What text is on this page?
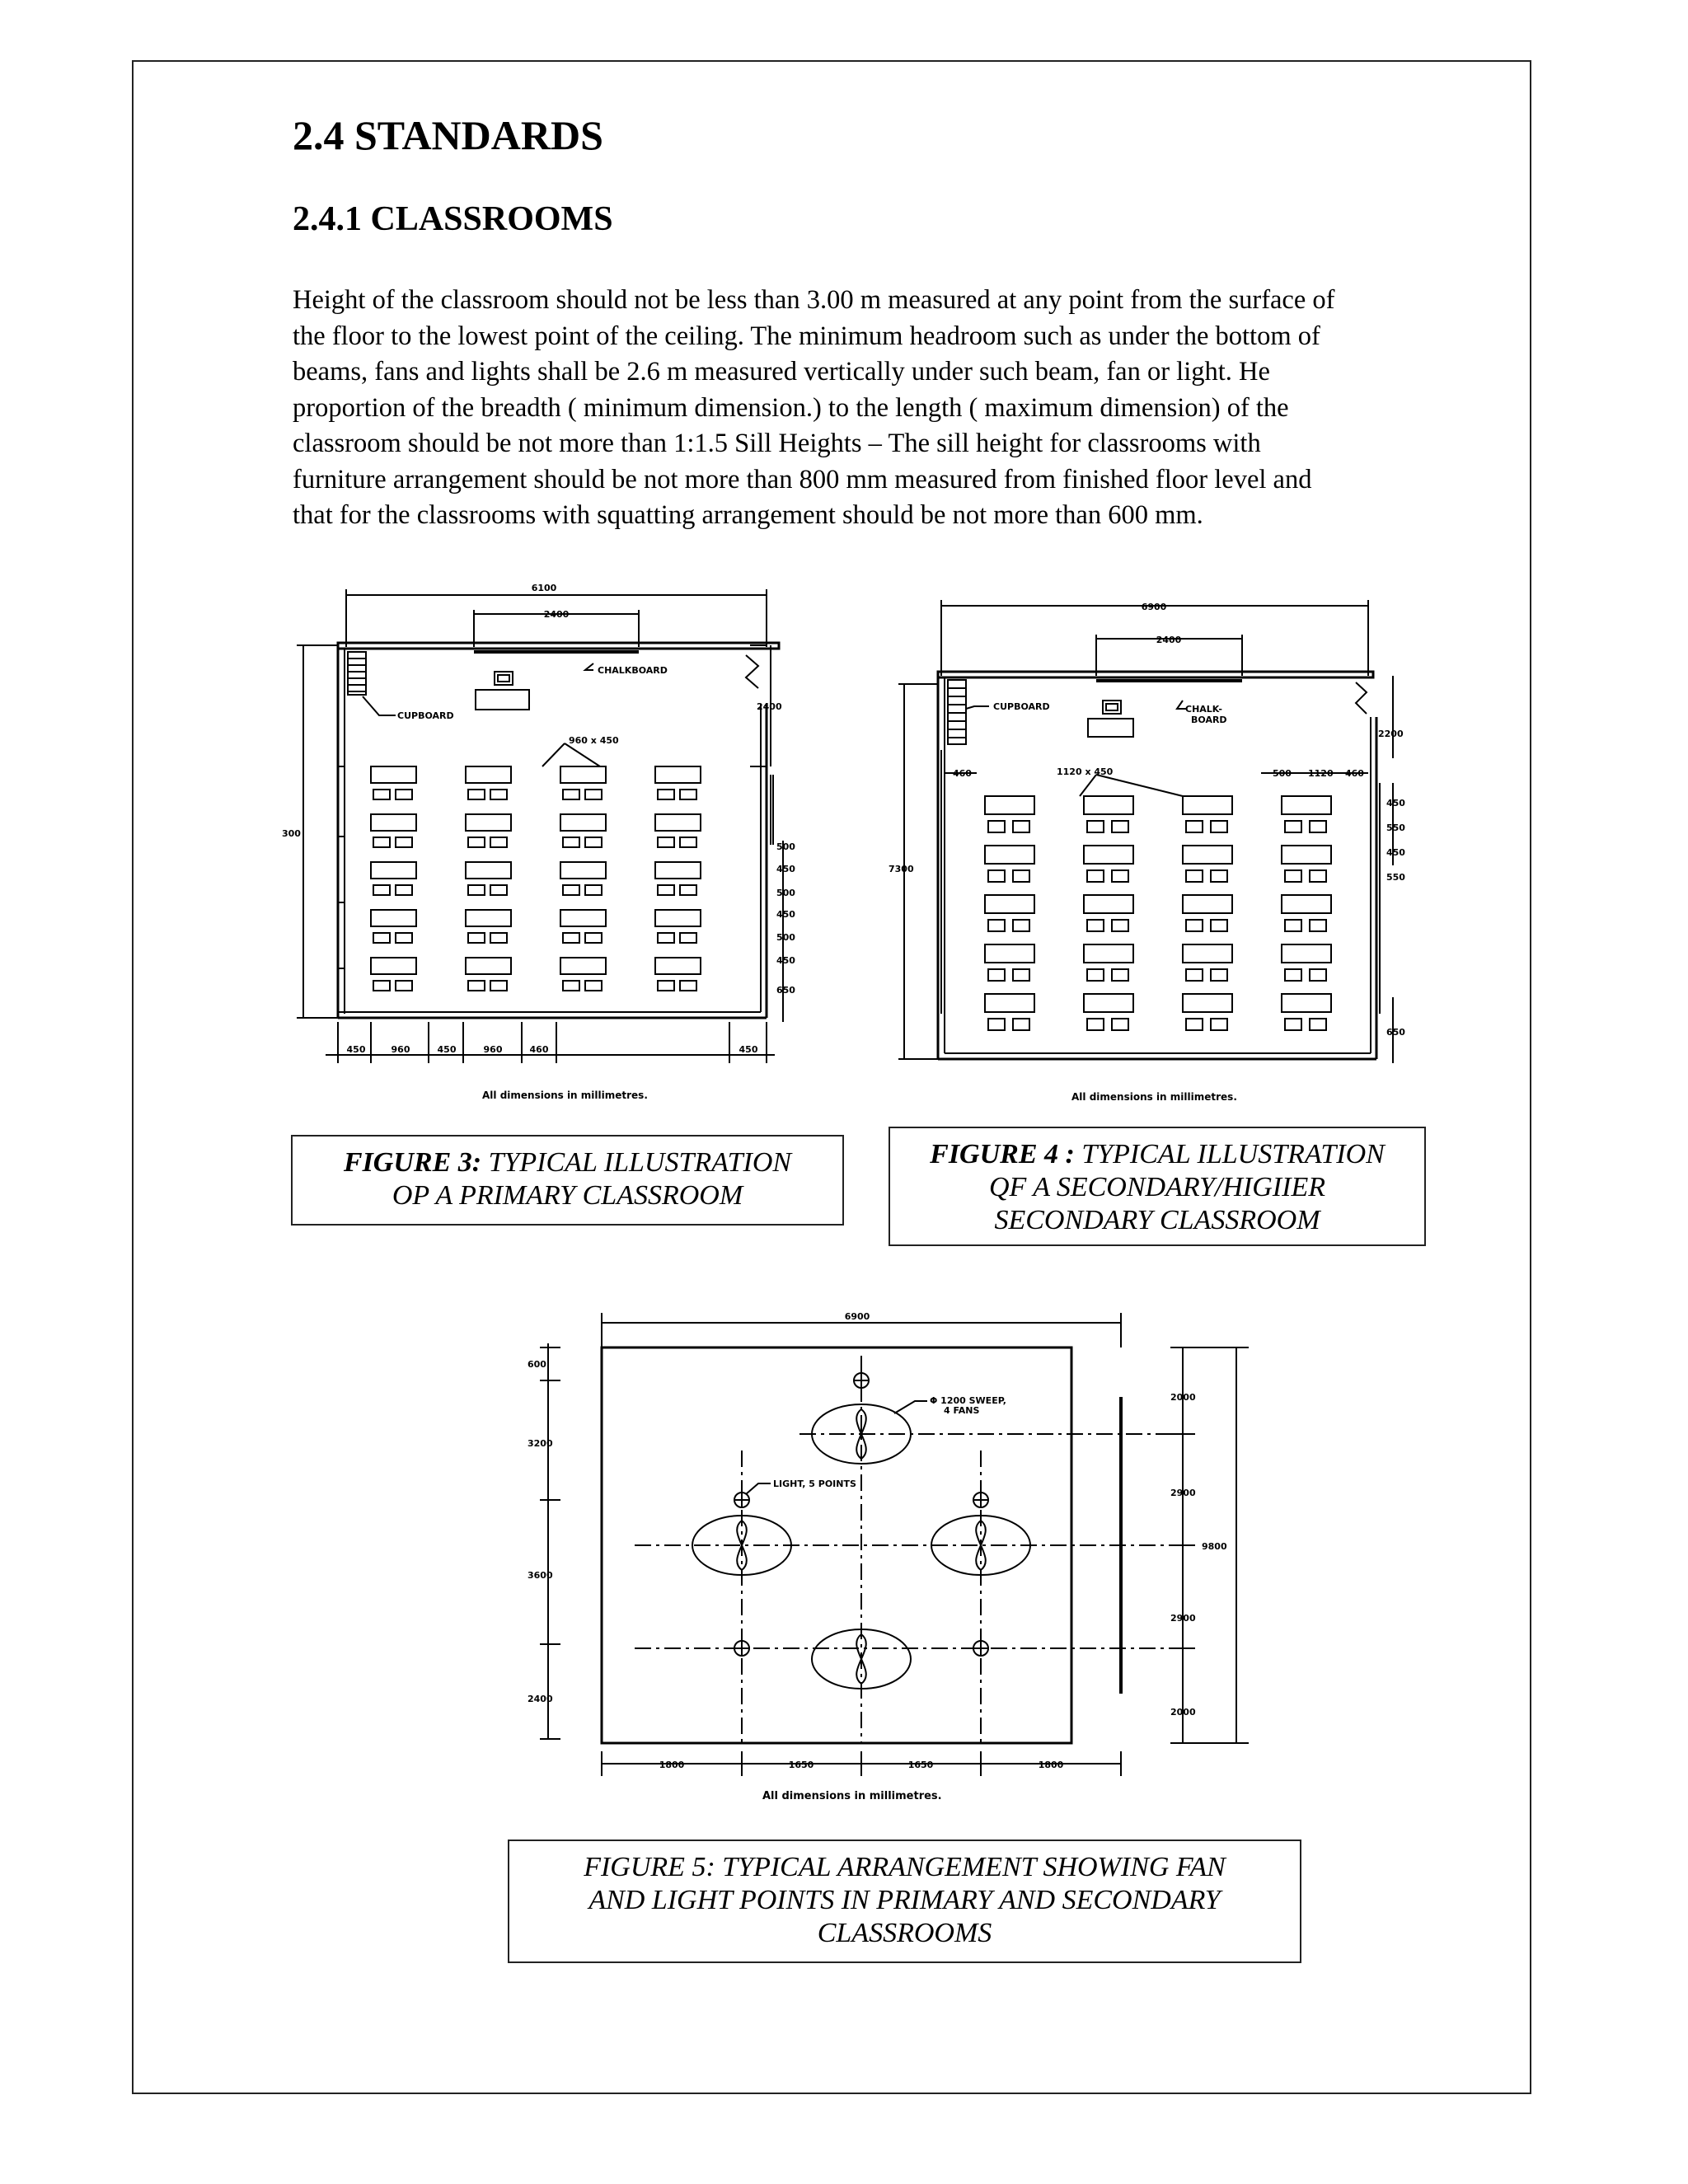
2.4 STANDARDS
2.4.1 CLASSROOMS
Height of the classroom should not be less than 3.00 m measured at any point from the surface of
the floor to the lowest point of the ceiling. The minimum headroom such as under the bottom of
beams, fans and lights shall be 2.6 m measured vertically under such beam, fan or light. He
proportion of the breadth ( minimum dimension.) to the length ( maximum dimension) of the
classroom should be not more than 1:1.5 Sill Heights – The sill height for classrooms with
furniture arrangement should be not more than 800 mm measured from finished floor level and
that for the classrooms with squatting arrangement should be not more than 600 mm.
6100
2400
CHALKBOARD
CUPBOARD
960 x 450
300
2400
500
450
500
450
500
450
650
450	960	450	960	460	450
All dimensions in millimetres.
FIGURE 3: TYPICAL ILLUSTRATION
OP A PRIMARY CLASSROOM
6900
2400
CUPBOARD	CHALK-
BOARD
1120 x 450
7300
460	500 1120 460
2200
450
550
450
550
650
All dimensions in millimetres.
FIGURE 4 : TYPICAL ILLUSTRATION
QF A SECONDARY/HIGIIER
SECONDARY CLASSROOM
6900
600
3200
3600
2400
2000
2900
2900
2000
9800
1800	1650	1650	1800
Φ 1200 SWEEP,
4 FANS
LIGHT, 5 POINTS
All dimensions in millimetres.
FIGURE 5: TYPICAL ARRANGEMENT SHOWING FAN
AND LIGHT POINTS IN PRIMARY AND SECONDARY
CLASSROOMS
